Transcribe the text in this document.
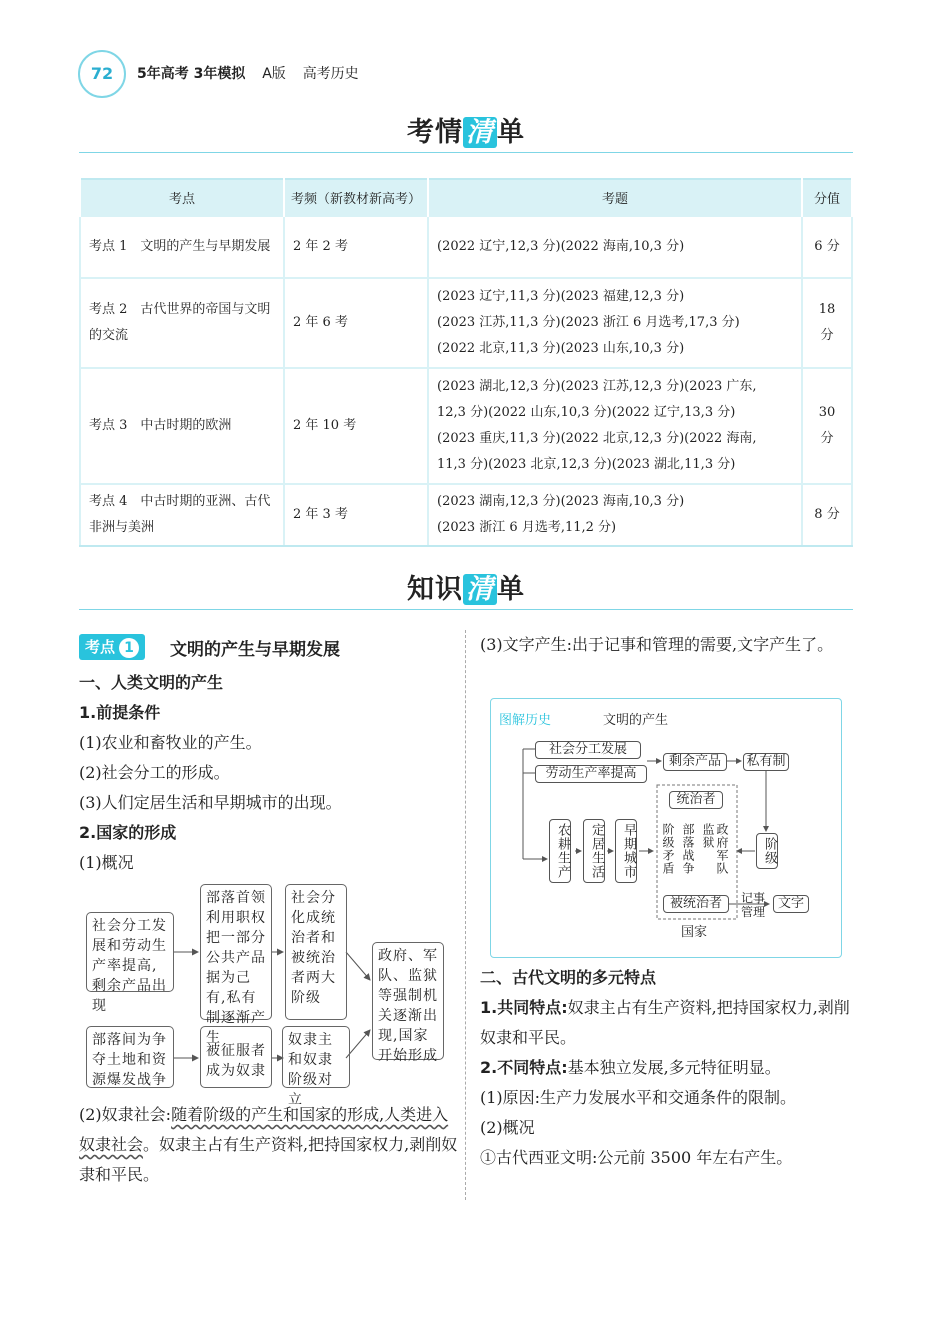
72	5年高考 3年模拟 A版 高考历史
考情 清 单
考点	考频（新教材新高考）	考题	分值
考点 1　文明的产生与早期发展	2 年 2 考	(2022 辽宁,12,3 分)(2022 海南,10,3 分)	6 分
考点 2　古代世界的帝国与文明的交流	2 年 6 考	(2023 辽宁,11,3 分)(2023 福建,12,3 分)
(2023 江苏,11,3 分)(2023 浙江 6 月选考,17,3 分)
(2022 北京,11,3 分)(2023 山东,10,3 分)	18 分
考点 3　中古时期的欧洲	2 年 10 考	(2023 湖北,12,3 分)(2023 江苏,12,3 分)(2023 广东,
12,3 分)(2022 山东,10,3 分)(2022 辽宁,13,3 分)
(2023 重庆,11,3 分)(2022 北京,12,3 分)(2022 海南,
11,3 分)(2023 北京,12,3 分)(2023 湖北,11,3 分)	30 分
考点 4　中古时期的亚洲、古代非洲与美洲	2 年 3 考	(2023 湖南,12,3 分)(2023 海南,10,3 分)
(2023 浙江 6 月选考,11,2 分)	8 分
知识 清 单
考点 1	文明的产生与早期发展
一、人类文明的产生
1.前提条件
(1)农业和畜牧业的产生。
(2)社会分工的形成。
(3)人们定居生活和早期城市的出现。
2.国家的形成
(1)概况
社会分工发展和劳动生产率提高,剩余产品出现
部落首领利用职权把一部分公共产品据为己有,私有制逐渐产生
社会分化成统治者和被统治者两大阶级
政府、军队、监狱等强制机关逐渐出现,国家开始形成
部落间为争夺土地和资源爆发战争
被征服者成为奴隶
奴隶主和奴隶阶级对立
(2)奴隶社会:随着阶级的产生和国家的形成,人类进入奴隶社会。奴隶主占有生产资料,把持国家权力,剥削奴隶和平民。
(3)文字产生:出于记事和管理的需要,文字产生了。
图解历史	文明的产生
社会分工发展
劳动生产率提高
剩余产品	私有制
农耕生产	定居生活	早期城市
统治者
阶级矛盾 部落战争	政府军队监狱
阶级
被统治者
国家
记事管理
文字
二、古代文明的多元特点
1.共同特点:奴隶主占有生产资料,把持国家权力,剥削奴隶和平民。
2.不同特点:基本独立发展,多元特征明显。
(1)原因:生产力发展水平和交通条件的限制。
(2)概况
①古代西亚文明:公元前 3500 年左右产生。
